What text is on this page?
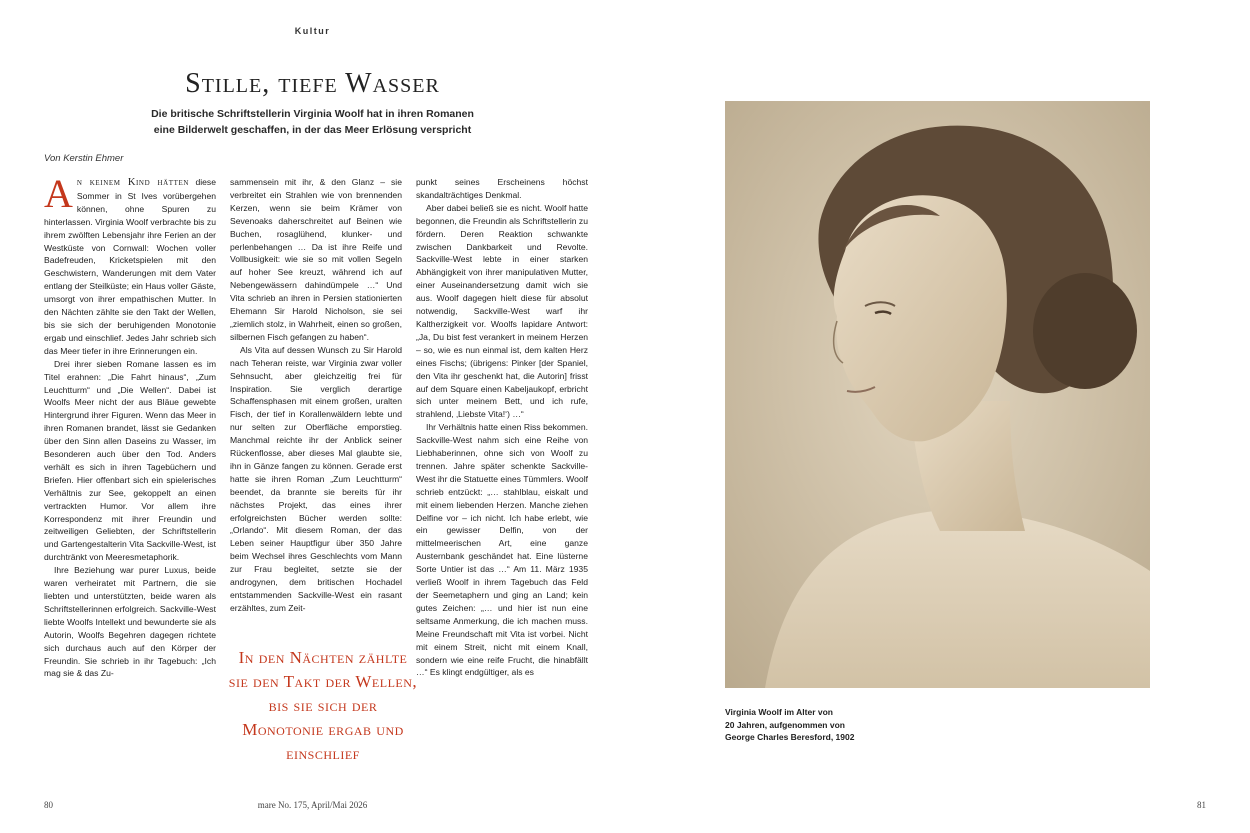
Kultur
Stille, tiefe Wasser
Die britische Schriftstellerin Virginia Woolf hat in ihren Romanen
eine Bilderwelt geschaffen, in der das Meer Erlösung verspricht
Von Kerstin Ehmer

An keinem Kind hätten diese Sommer in St Ives vorübergehen können, ohne Spuren zu hinterlassen. Virginia Woolf verbrachte bis zu ihrem zwölften Lebensjahr ihre Ferien an der Westküste von Cornwall: Wochen voller Badefreuden, Kricketspielen mit den Geschwistern, Wanderungen mit dem Vater entlang der Steilküste; ein Haus voller Gäste, umsorgt von ihrer empathischen Mutter. In den Nächten zählte sie den Takt der Wellen, bis sie sich der beruhigenden Monotonie ergab und einschlief. Jedes Jahr schrieb sich das Meer tiefer in ihre Erinnerungen ein.

Drei ihrer sieben Romane lassen es im Titel erahnen: „Die Fahrt hinaus“, „Zum Leuchtturm“ und „Die Wellen“. Dabei ist Woolfs Meer nicht der aus Bläue gewebte Hintergrund ihrer Figuren. Wenn das Meer in ihren Romanen brandet, lässt sie Gedanken über den Sinn allen Daseins zu Wasser, im Besonderen auch über den Tod. Anders verhält es sich in ihren Tagebüchern und Briefen. Hier offenbart sich ein spielerisches Verhältnis zur See, gekoppelt an einen vertrackten Humor. Vor allem ihre Korrespondenz mit ihrer Freundin und zeitweiligen Geliebten, der Schriftstellerin und Gartengestalterin Vita Sackville-West, ist durchtränkt von Meeresmetaphorik.

Ihre Beziehung war purer Luxus, beide waren verheiratet mit Partnern, die sie liebten und unterstützten, beide waren als Schriftstellerinnen erfolgreich. Sackville-West liebte Woolfs Intellekt und bewunderte sie als Autorin, Woolfs Begehren dagegen richtete sich durchaus auch auf den Körper der Freundin. Sie schrieb in ihr Tagebuch: „Ich mag sie & das Zu-

sammensein mit ihr, & den Glanz – sie verbreitet ein Strahlen wie von brennenden Kerzen, wenn sie beim Krämer von Sevenoaks daherschreitet auf Beinen wie Buchen, rosaglühend, klunker- und perlenbehangen … Da ist ihre Reife und Vollbusigkeit: wie sie so mit vollen Segeln auf hoher See kreuzt, während ich auf Nebengewässern dahindümpele …“ Und Vita schrieb an ihren in Persien stationierten Ehemann Sir Harold Nicholson, sie sei „ziemlich stolz, in Wahrheit, einen so großen, silbernen Fisch gefangen zu haben“.

Als Vita auf dessen Wunsch zu Sir Harold nach Teheran reiste, war Virginia zwar voller Sehnsucht, aber gleichzeitig frei für Inspiration. Sie verglich derartige Schaffensphasen mit einem großen, uralten Fisch, der tief in Korallenwäldern lebte und nur selten zur Oberfläche emporstieg. Manchmal reichte ihr der Anblick seiner Rückenflosse, aber dieses Mal glaubte sie, ihn in Gänze fangen zu können. Gerade erst hatte sie ihren Roman „Zum Leuchtturm“ beendet, da brannte sie bereits für ihr nächstes Projekt, das eines ihrer erfolgreichsten Bücher werden sollte: „Orlando“. Mit diesem Roman, der das Leben seiner Hauptfigur über 350 Jahre beim Wechsel ihres Geschlechts vom Mann zur Frau begleitet, setzte sie der androgynen, dem britischen Hochadel entstammenden Sackville-West ein rasant erzähltes, zum Zeit-

In den Nächten zählte sie den Takt der Wellen, bis sie sich der Monotonie ergab und einschlief

punkt seines Erscheinens höchst skandalträchtiges Denkmal.

Aber dabei beließ sie es nicht. Woolf hatte begonnen, die Freundin als Schriftstellerin zu fördern. Deren Reaktion schwankte zwischen Dankbarkeit und Revolte. Sackville-West lebte in einer starken Abhängigkeit von ihrer manipulativen Mutter, einer Auseinandersetzung damit wich sie aus. Woolf dagegen hielt diese für absolut notwendig, Sackville-West warf ihr Kaltherzigkeit vor. Woolfs lapidare Antwort: „Ja, Du bist fest verankert in meinem Herzen – so, wie es nun einmal ist, dem kalten Herz eines Fischs; (übrigens: Pinker [der Spaniel, den Vita ihr geschenkt hat, die Autorin] frisst auf dem Square einen Kabeljaukopf, erbricht sich unter meinem Bett, und ich rufe, strahlend, ‚Liebste Vita!‘) …“

Ihr Verhältnis hatte einen Riss bekommen. Sackville-West nahm sich eine Reihe von Liebhaberinnen, ohne sich von Woolf zu trennen. Jahre später schenkte Sackville-West ihr die Statuette eines Tümmlers. Woolf schrieb entzückt: „… stahlblau, eiskalt und mit einem liebenden Herzen. Manche ziehen Delfine vor – ich nicht. Ich habe erlebt, wie ein gewisser Delfin, von der mittelmeerischen Art, eine ganze Austernbank geschändet hat. Eine lüsterne Sorte Untier ist das …“ Am 11. März 1935 verließ Woolf in ihrem Tagebuch das Feld der Seemetaphern und ging an Land; kein gutes Zeichen: „… und hier ist nun eine seltsame Anmerkung, die ich machen muss. Meine Freundschaft mit Vita ist vorbei. Nicht mit einem Streit, nicht mit einem Knall, sondern wie eine reife Frucht, die hinabfällt …“ Es klingt endgültiger, als es

80	mare No. 175, April/Mai 2026
Virginia Woolf im Alter von
20 Jahren, aufgenommen von
George Charles Beresford, 1902
81
